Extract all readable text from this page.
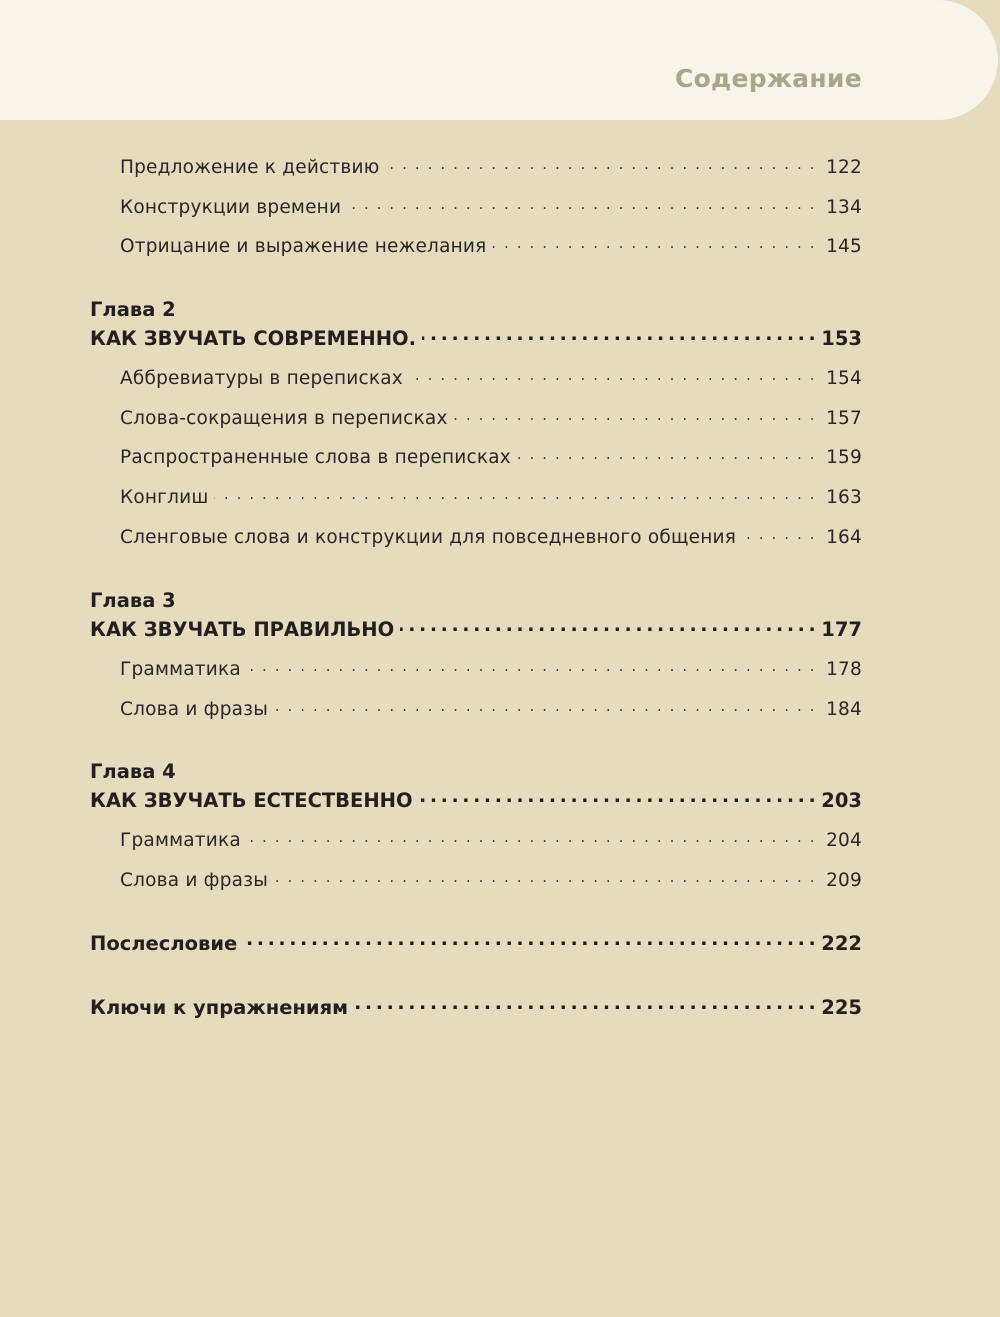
Содержание
Предложение к действию . . .	122
Конструкции времени . . .	134
Отрицание и выражение нежелания . . .	145
Глава 2
КАК ЗВУЧАТЬ СОВРЕМЕННО. .....	153
Аббревиатуры в переписках . . .	154
Слова-сокращения в переписках . . .	157
Распространенные слова в переписках . . .	159
Конглиш . . .	163
Сленговые слова и конструкции для повседневного общения . . .	164
Глава 3
КАК ЗВУЧАТЬ ПРАВИЛЬНО .....	177
Грамматика . . .	178
Слова и фразы . . .	184
Глава 4
КАК ЗВУЧАТЬ ЕСТЕСТВЕННО .....	203
Грамматика . . .	204
Слова и фразы . . .	209
Послесловие .....	222
Ключи к упражнениям .....	225
